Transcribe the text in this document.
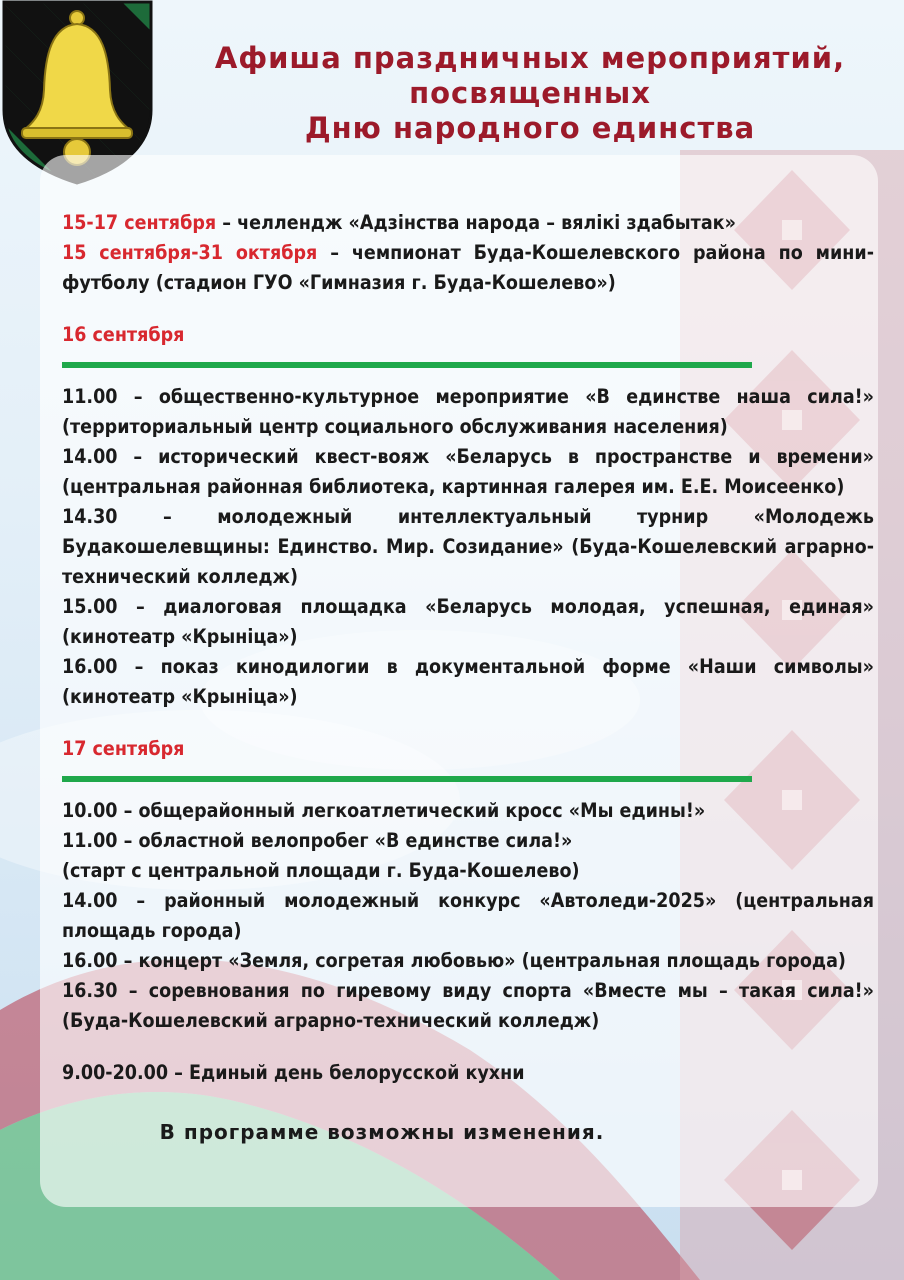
Афиша праздничных мероприятий,
посвященных
Дню народного единства

15-17 сентября – челлендж «Адзінства народа – вялікі здабытак»

15 сентября-31 октября – чемпионат Буда-Кошелевского района по мини-футболу (стадион ГУО «Гимназия г. Буда-Кошелево»)

16 сентября

11.00 – общественно-культурное мероприятие «В единстве наша сила!» (территориальный центр социального обслуживания населения)

14.00 – исторический квест-вояж «Беларусь в пространстве и времени» (центральная районная библиотека, картинная галерея им. Е.Е. Моисеенко)

14.30 – молодежный интеллектуальный турнир «Молодежь Будакошелевщины: Единство. Мир. Созидание» (Буда-Кошелевский аграрно-технический колледж)

15.00 – диалоговая площадка «Беларусь молодая, успешная, единая» (кинотеатр «Крыніца»)

16.00 – показ кинодилогии в документальной форме «Наши символы» (кинотеатр «Крыніца»)

17 сентября

10.00 – общерайонный легкоатлетический кросс «Мы едины!»

11.00 – областной велопробег «В единстве сила!»

(старт с центральной площади г. Буда-Кошелево)

14.00 – районный молодежный конкурс «Автоледи-2025» (центральная площадь города)

16.00 – концерт «Земля, согретая любовью» (центральная площадь города)

16.30 – соревнования по гиревому виду спорта «Вместе мы – такая сила!» (Буда-Кошелевский аграрно-технический колледж)

9.00-20.00 – Единый день белорусской кухни

В программе возможны изменения.
